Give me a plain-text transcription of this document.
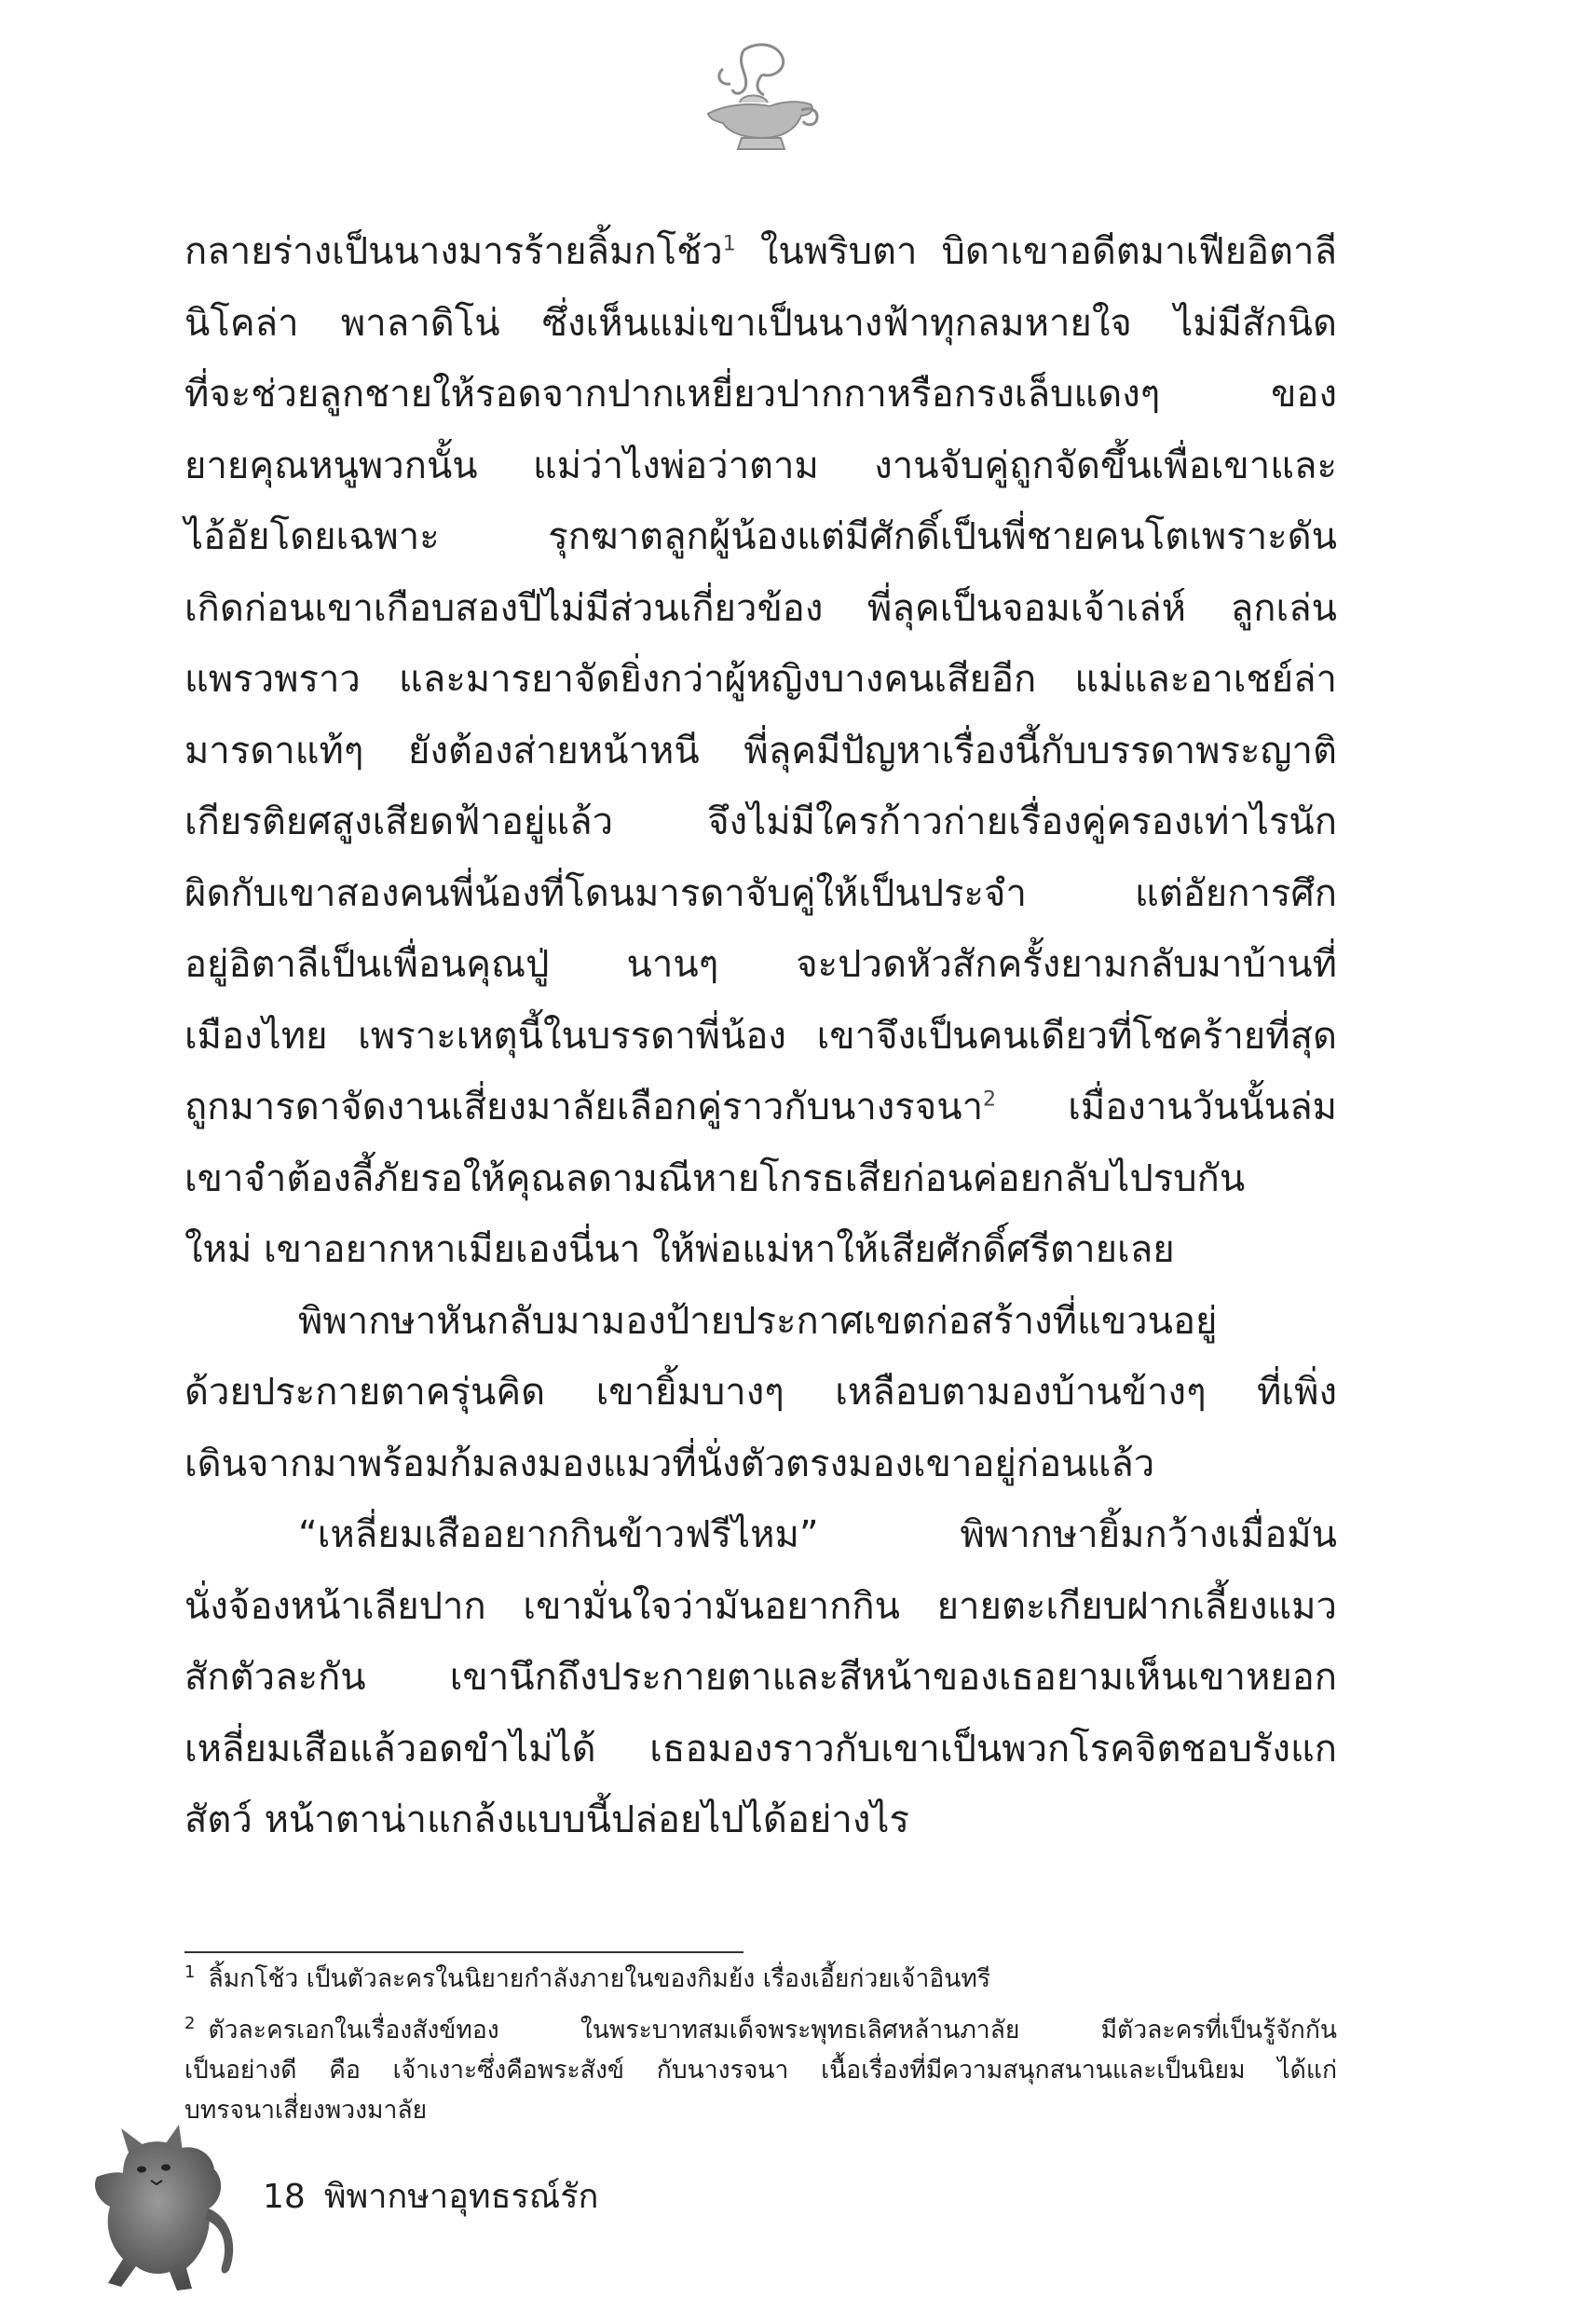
กลายร่างเป็นนางมารร้ายลิ้มกโช้ว$^1$ ในพริบตา บิดาเขาอดีตมาเฟียอิตาลี
นิโคล่า พาลาดิโน่ ซึ่งเห็นแม่เขาเป็นนางฟ้าทุกลมหายใจ ไม่มีสักนิด
ที่จะช่วยลูกชายให้รอดจากปากเหยี่ยวปากกาหรือกรงเล็บแดงๆ ของ
ยายคุณหนูพวกนั้น แม่ว่าไงพ่อว่าตาม งานจับคู่ถูกจัดขึ้นเพื่อเขาและ
ไอ้อัยโดยเฉพาะ รุกฆาตลูกผู้น้องแต่มีศักดิ์เป็นพี่ชายคนโตเพราะดัน
เกิดก่อนเขาเกือบสองปีไม่มีส่วนเกี่ยวข้อง พี่ลุคเป็นจอมเจ้าเล่ห์ ลูกเล่น
แพรวพราว และมารยาจัดยิ่งกว่าผู้หญิงบางคนเสียอีก แม่และอาเชย์ล่า
มารดาแท้ๆ ยังต้องส่ายหน้าหนี พี่ลุคมีปัญหาเรื่องนี้กับบรรดาพระญาติ
เกียรติยศสูงเสียดฟ้าอยู่แล้ว จึงไม่มีใครก้าวก่ายเรื่องคู่ครองเท่าไรนัก
ผิดกับเขาสองคนพี่น้องที่โดนมารดาจับคู่ให้เป็นประจำ แต่อัยการศึก
อยู่อิตาลีเป็นเพื่อนคุณปู่ นานๆ จะปวดหัวสักครั้งยามกลับมาบ้านที่
เมืองไทย เพราะเหตุนี้ในบรรดาพี่น้อง เขาจึงเป็นคนเดียวที่โชคร้ายที่สุด
ถูกมารดาจัดงานเสี่ยงมาลัยเลือกคู่ราวกับนางรจนา$^2$ เมื่องานวันนั้นล่ม
เขาจำต้องลี้ภัยรอให้คุณลดามณีหายโกรธเสียก่อนค่อยกลับไปรบกัน
ใหม่ เขาอยากหาเมียเองนี่นา ให้พ่อแม่หาให้เสียศักดิ์ศรีตายเลย
พิพากษาหันกลับมามองป้ายประกาศเขตก่อสร้างที่แขวนอยู่
ด้วยประกายตาครุ่นคิด เขายิ้มบางๆ เหลือบตามองบ้านข้างๆ ที่เพิ่ง
เดินจากมาพร้อมก้มลงมองแมวที่นั่งตัวตรงมองเขาอยู่ก่อนแล้ว
“เหลี่ยมเสืออยากกินข้าวฟรีไหม” พิพากษายิ้มกว้างเมื่อมัน
นั่งจ้องหน้าเลียปาก เขามั่นใจว่ามันอยากกิน ยายตะเกียบฝากเลี้ยงแมว
สักตัวละกัน เขานึกถึงประกายตาและสีหน้าของเธอยามเห็นเขาหยอก
เหลี่ยมเสือแล้วอดขำไม่ได้ เธอมองราวกับเขาเป็นพวกโรคจิตชอบรังแก
สัตว์ หน้าตาน่าแกล้งแบบนี้ปล่อยไปได้อย่างไร
$^1$ ลิ้มกโช้ว เป็นตัวละครในนิยายกำลังภายในของกิมย้ง เรื่องเอี้ยก่วยเจ้าอินทรี
$^2$ ตัวละครเอกในเรื่องสังข์ทอง ในพระบาทสมเด็จพระพุทธเลิศหล้านภาลัย มีตัวละครที่เป็นรู้จักกัน
เป็นอย่างดี คือ เจ้าเงาะซึ่งคือพระสังข์ กับนางรจนา เนื้อเรื่องที่มีความสนุกสนานและเป็นนิยม ได้แก่
บทรจนาเสี่ยงพวงมาลัย
18 พิพากษาอุทธรณ์รัก
